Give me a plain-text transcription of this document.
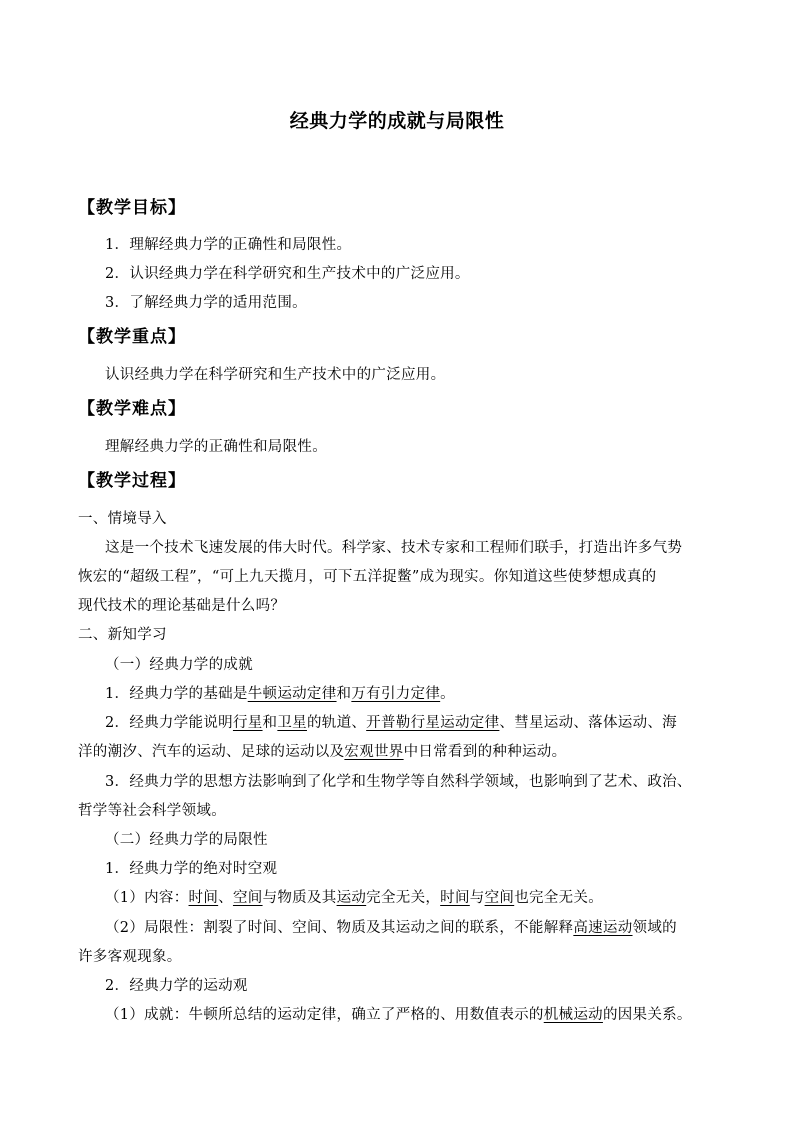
经典力学的成就与局限性
【教学目标】
1．理解经典力学的正确性和局限性。
2．认识经典力学在科学研究和生产技术中的广泛应用。
3．了解经典力学的适用范围。
【教学重点】
认识经典力学在科学研究和生产技术中的广泛应用。
【教学难点】
理解经典力学的正确性和局限性。
【教学过程】
一、情境导入
这是一个技术飞速发展的伟大时代。科学家、技术专家和工程师们联手，打造出许多气势
恢宏的“超级工程”，“可上九天揽月，可下五洋捉鳖”成为现实。你知道这些使梦想成真的
现代技术的理论基础是什么吗？
二、新知学习
（一）经典力学的成就
1．经典力学的基础是牛顿运动定律和万有引力定律。
2．经典力学能说明行星和卫星的轨道、开普勒行星运动定律、彗星运动、落体运动、海
洋的潮汐、汽车的运动、足球的运动以及宏观世界中日常看到的种种运动。
3．经典力学的思想方法影响到了化学和生物学等自然科学领域，也影响到了艺术、政治、
哲学等社会科学领域。
（二）经典力学的局限性
1．经典力学的绝对时空观
（1）内容：时间、空间与物质及其运动完全无关，时间与空间也完全无关。
（2）局限性：割裂了时间、空间、物质及其运动之间的联系，不能解释高速运动领域的
许多客观现象。
2．经典力学的运动观
（1）成就：牛顿所总结的运动定律，确立了严格的、用数值表示的机械运动的因果关系。
